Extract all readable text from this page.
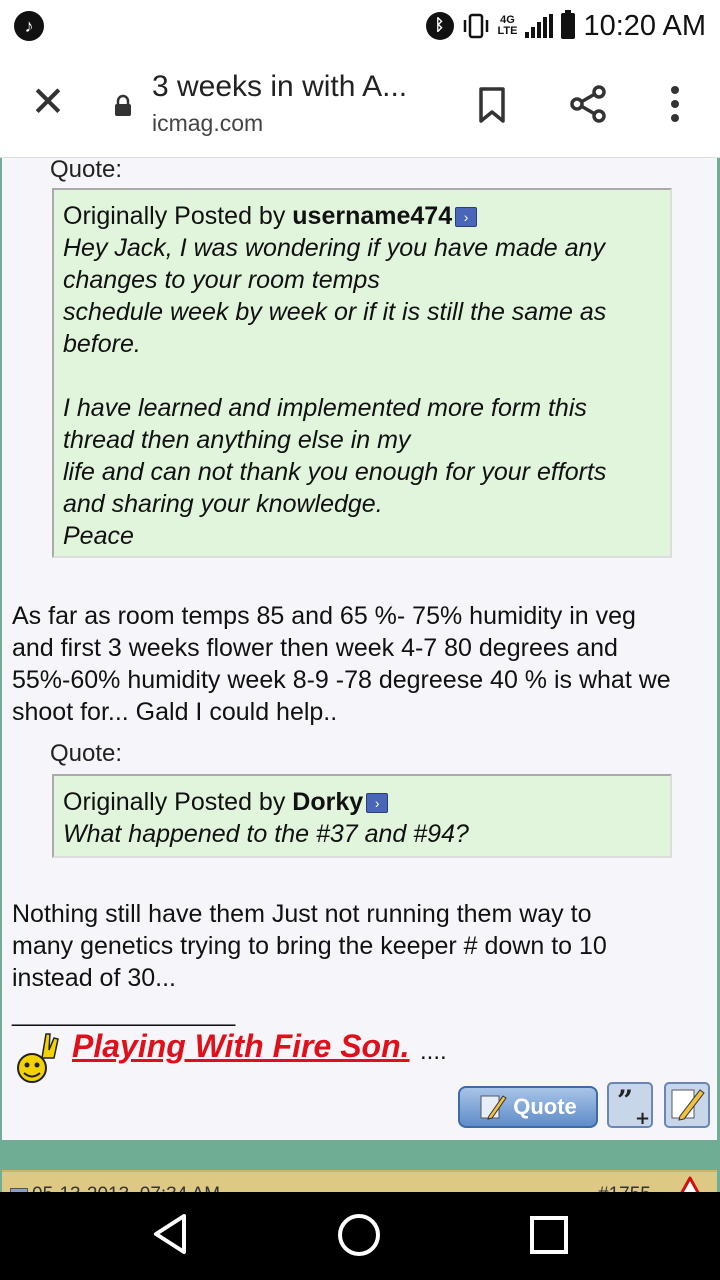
♪	ᛒ	4G
LTE 10:20 AM
✕	3 weeks in with A...
icmag.com
Quote:
Originally Posted by username474 ›
Hey Jack, I was wondering if you have made any
changes to your room temps
schedule week by week or if it is still the same as
before.
I have learned and implemented more form this
thread then anything else in my
life and can not thank you enough for your efforts
and sharing your knowledge.
Peace
As far as room temps 85 and 65 %- 75% humidity in veg
and first 3 weeks flower then week 4-7 80 degrees and
55%-60% humidity week 8-9 -78 degreese 40 % is what we
shoot for... Gald I could help..
Quote:
Originally Posted by Dorky ›
What happened to the #37 and #94?
Nothing still have them Just not running them way to
many genetics trying to bring the keeper # down to 10
instead of 30...
__________________
Playing With Fire Son. ....
Quote ”
+
